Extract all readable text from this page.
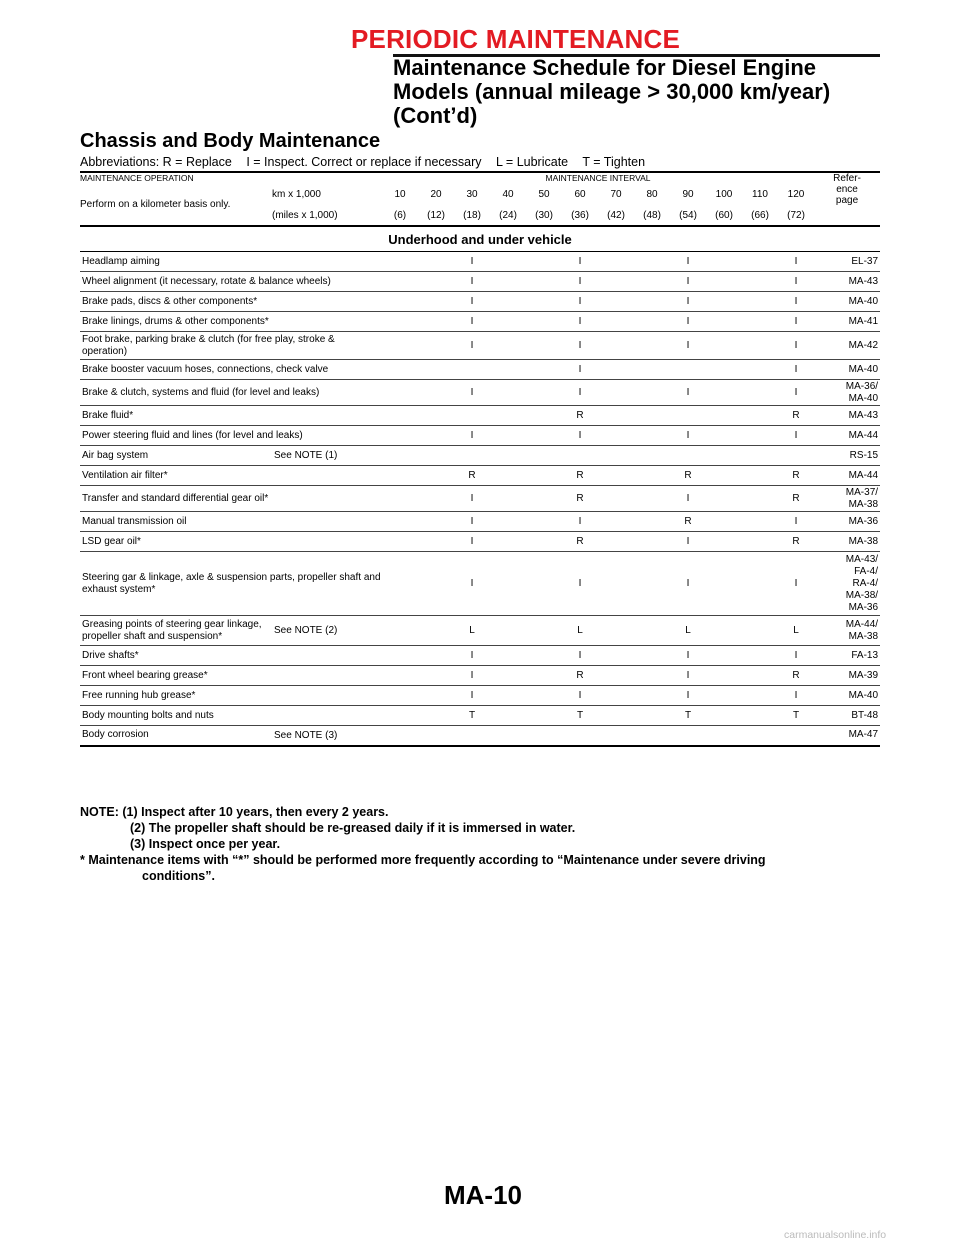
PERIODIC MAINTENANCE
Maintenance Schedule for Diesel Engine
Models (annual mileage > 30,000 km/year)
(Cont’d)
Chassis and Body Maintenance
Abbreviations: R = Replace I = Inspect. Correct or replace if necessary L = Lubricate T = Tighten
MAINTENANCE OPERATION		MAINTENANCE INTERVAL												Refer-
ence
page

Perform on a kilometer basis only.	km x 1,000	10	20	30	40	50	60	70	80	90	100	110	120	
	(miles x 1,000)	(6)	(12)	(18)	(24)	(30)	(36)	(42)	(48)	(54)	(60)	(66)	(72)	
Underhood and under vehicle														
Headlamp aiming				I			I			I			I	EL-37
Wheel alignment (it necessary, rotate & balance wheels)				I			I			I			I	MA-43
Brake pads, discs & other components*				I			I			I			I	MA-40
Brake linings, drums & other components*				I			I			I			I	MA-41
Foot brake, parking brake & clutch (for free play, stroke & operation)				I			I			I			I	MA-42
Brake booster vacuum hoses, connections, check valve							I						I	MA-40
Brake & clutch, systems and fluid (for level and leaks)				I			I			I			I	MA-36/
MA-40
Brake fluid*							R						R	MA-43
Power steering fluid and lines (for level and leaks)				I			I			I			I	MA-44
Air bag system	See NOTE (1)													RS-15
Ventilation air filter*				R			R			R			R	MA-44
Transfer and standard differential gear oil*				I			R			I			R	MA-37/
MA-38
Manual transmission oil				I			I			R			I	MA-36
LSD gear oil*				I			R			I			R	MA-38
Steering gar & linkage, axle & suspension parts, propeller shaft and exhaust system*				I			I			I			I	MA-43/
FA-4/
RA-4/
MA-38/
MA-36
Greasing points of steering gear linkage, propeller shaft and suspension*	See NOTE (2)			L			L			L			L	MA-44/
MA-38
Drive shafts*				I			I			I			I	FA-13
Front wheel bearing grease*				I			R			I			R	MA-39
Free running hub grease*				I			I			I			I	MA-40
Body mounting bolts and nuts				T			T			T			T	BT-48
Body corrosion	See NOTE (3)													MA-47
NOTE: (1) Inspect after 10 years, then every 2 years.
(2) The propeller shaft should be re-greased daily if it is immersed in water.
(3) Inspect once per year.
* Maintenance items with “*” should be performed more frequently according to “Maintenance under severe driving
conditions”.
MA-10
carmanualsonline.info
